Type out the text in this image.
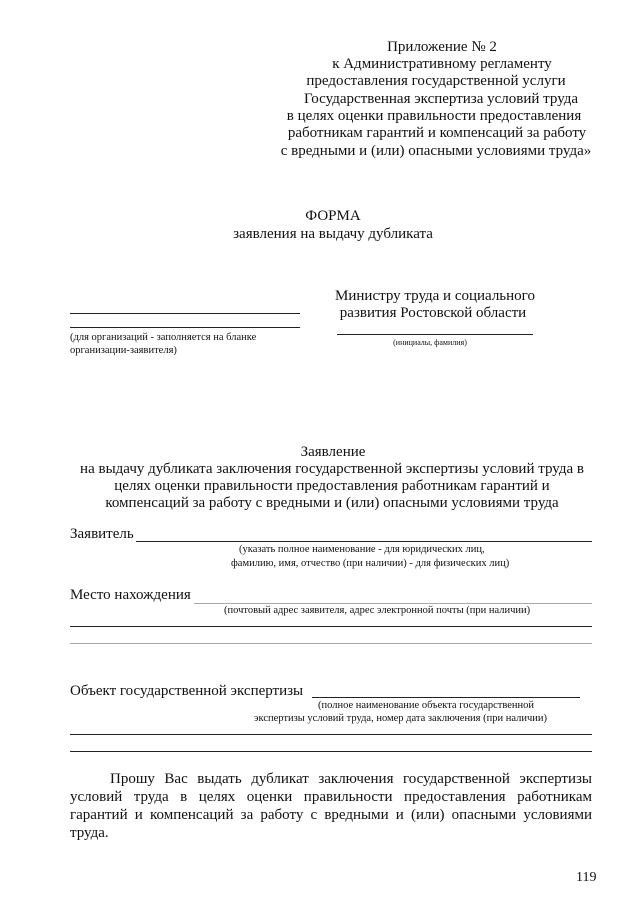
Приложение № 2
к Административному регламенту
предоставления государственной услуги
Государственная экспертиза условий труда
в целях оценки правильности предоставления
работникам гарантий и компенсаций за работу
с вредными и (или) опасными условиями труда»
ФОРМА
заявления на выдачу дубликата
(для организаций - заполняется на бланке
организации-заявителя)
Министру труда и социального
развития Ростовской области
(инициалы, фамилия)
Заявление
на выдачу дубликата заключения государственной экспертизы условий труда в
целях оценки правильности предоставления работникам гарантий и
компенсаций за работу с вредными и (или) опасными условиями труда
Заявитель
(указать полное наименование - для юридических лиц,
фамилию, имя, отчество (при наличии) - для физических лиц)
Место нахождения
(почтовый адрес заявителя, адрес электронной почты (при наличии)
Объект государственной экспертизы
(полное наименование объекта государственной
экспертизы условий труда, номер дата заключения (при наличии)
Прошу Вас выдать дубликат заключения государственной экспертизы
условий труда в целях оценки правильности предоставления работникам
гарантий и компенсаций за работу с вредными и (или) опасными условиями
труда.
119
